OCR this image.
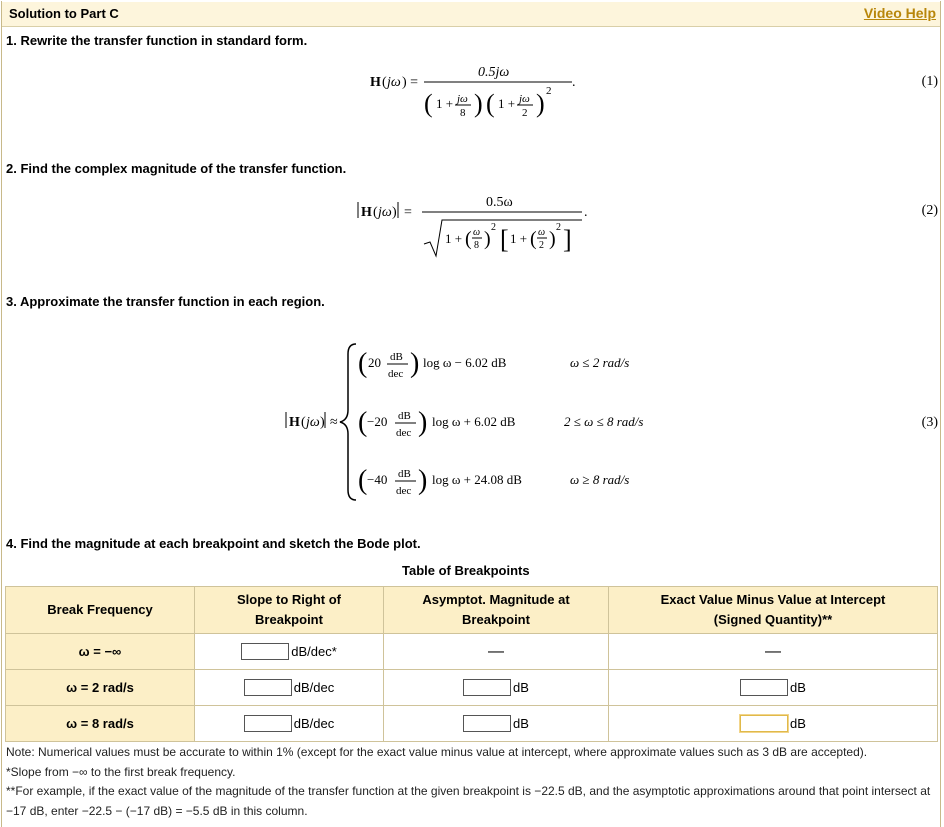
Solution to Part C	Video Help
1. Rewrite the transfer function in standard form.
H ( jω ) =
0.5jω
( 1 + jω
8 ) ( 1 + jω
2 ) 2
.	(1)
2. Find the complex magnitude of the transfer function.
H ( jω ) =
0.5ω
1 + ( ω
8 )
2 [ 1 + ( ω
2 )
2 ]
.	(2)
3. Approximate the transfer function in each region.
H ( jω ) ≈
( 20 dB
dec ) log ω − 6.02 dB	ω ≤ 2 rad/s
( −20 dB
dec ) log ω + 6.02 dB	2 ≤ ω ≤ 8 rad/s
( −40 dB
dec ) log ω + 24.08 dB	ω ≥ 8 rad/s
(3)
4. Find the magnitude at each breakpoint and sketch the Bode plot.
Table of Breakpoints
Break Frequency	Slope to Right of Breakpoint	Asymptot. Magnitude at Breakpoint	Exact Value Minus Value at Intercept (Signed Quantity)**

ω = −∞	dB/dec*	—	—
ω = 2 rad/s	dB/dec	dB	dB
ω = 8 rad/s	dB/dec	dB	dB
Note: Numerical values must be accurate to within 1% (except for the exact value minus value at intercept, where approximate values such as 3 dB are accepted).
*Slope from −∞ to the first break frequency.
**For example, if the exact value of the magnitude of the transfer function at the given breakpoint is −22.5 dB, and the asymptotic approximations around that point intersect at −17 dB, enter −22.5 − (−17 dB) = −5.5 dB in this column.
